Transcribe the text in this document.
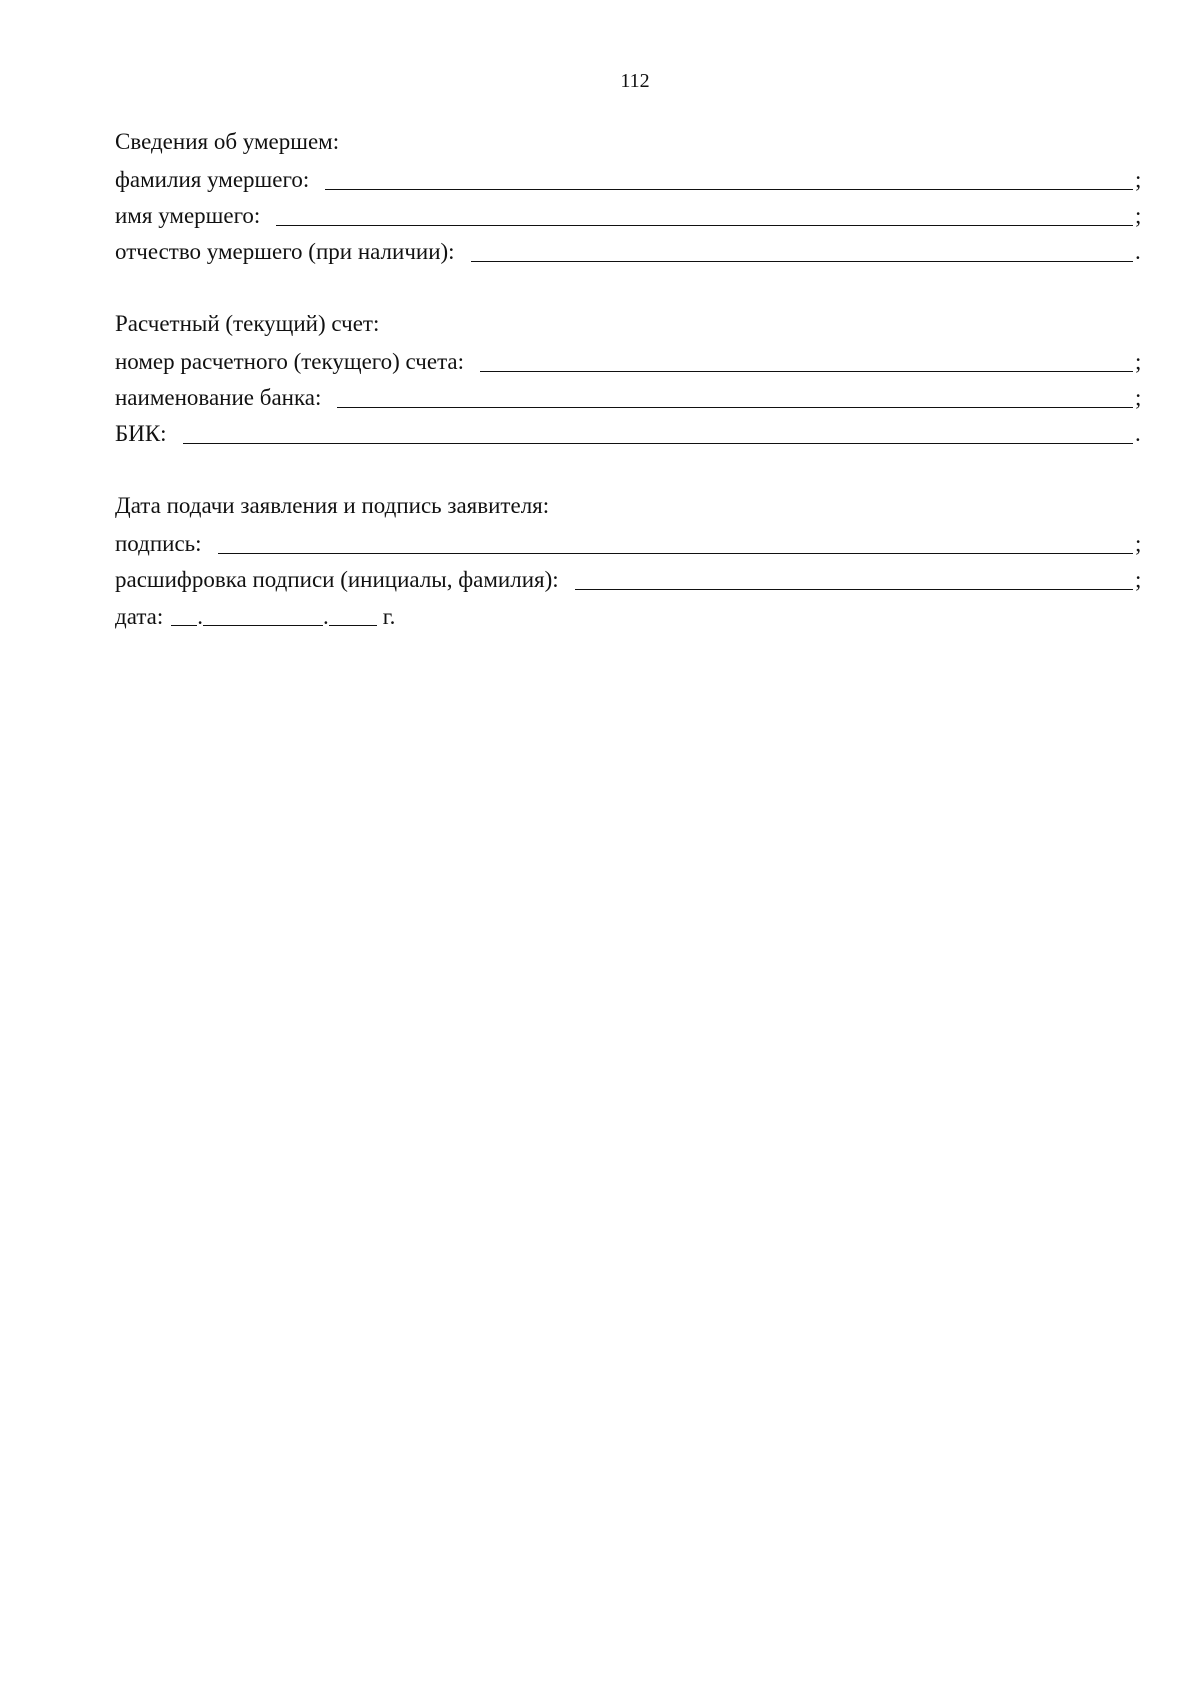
112
Сведения об умершем:
фамилия умершего:	;
имя умершего:	;
отчество умершего (при наличии):	.
Расчетный (текущий) счет:
номер расчетного (текущего) счета:	;
наименование банка:	;
БИК:	.
Дата подачи заявления и подпись заявителя:
подпись:	;
расшифровка подписи (инициалы, фамилия):	;
дата: .	. г.
